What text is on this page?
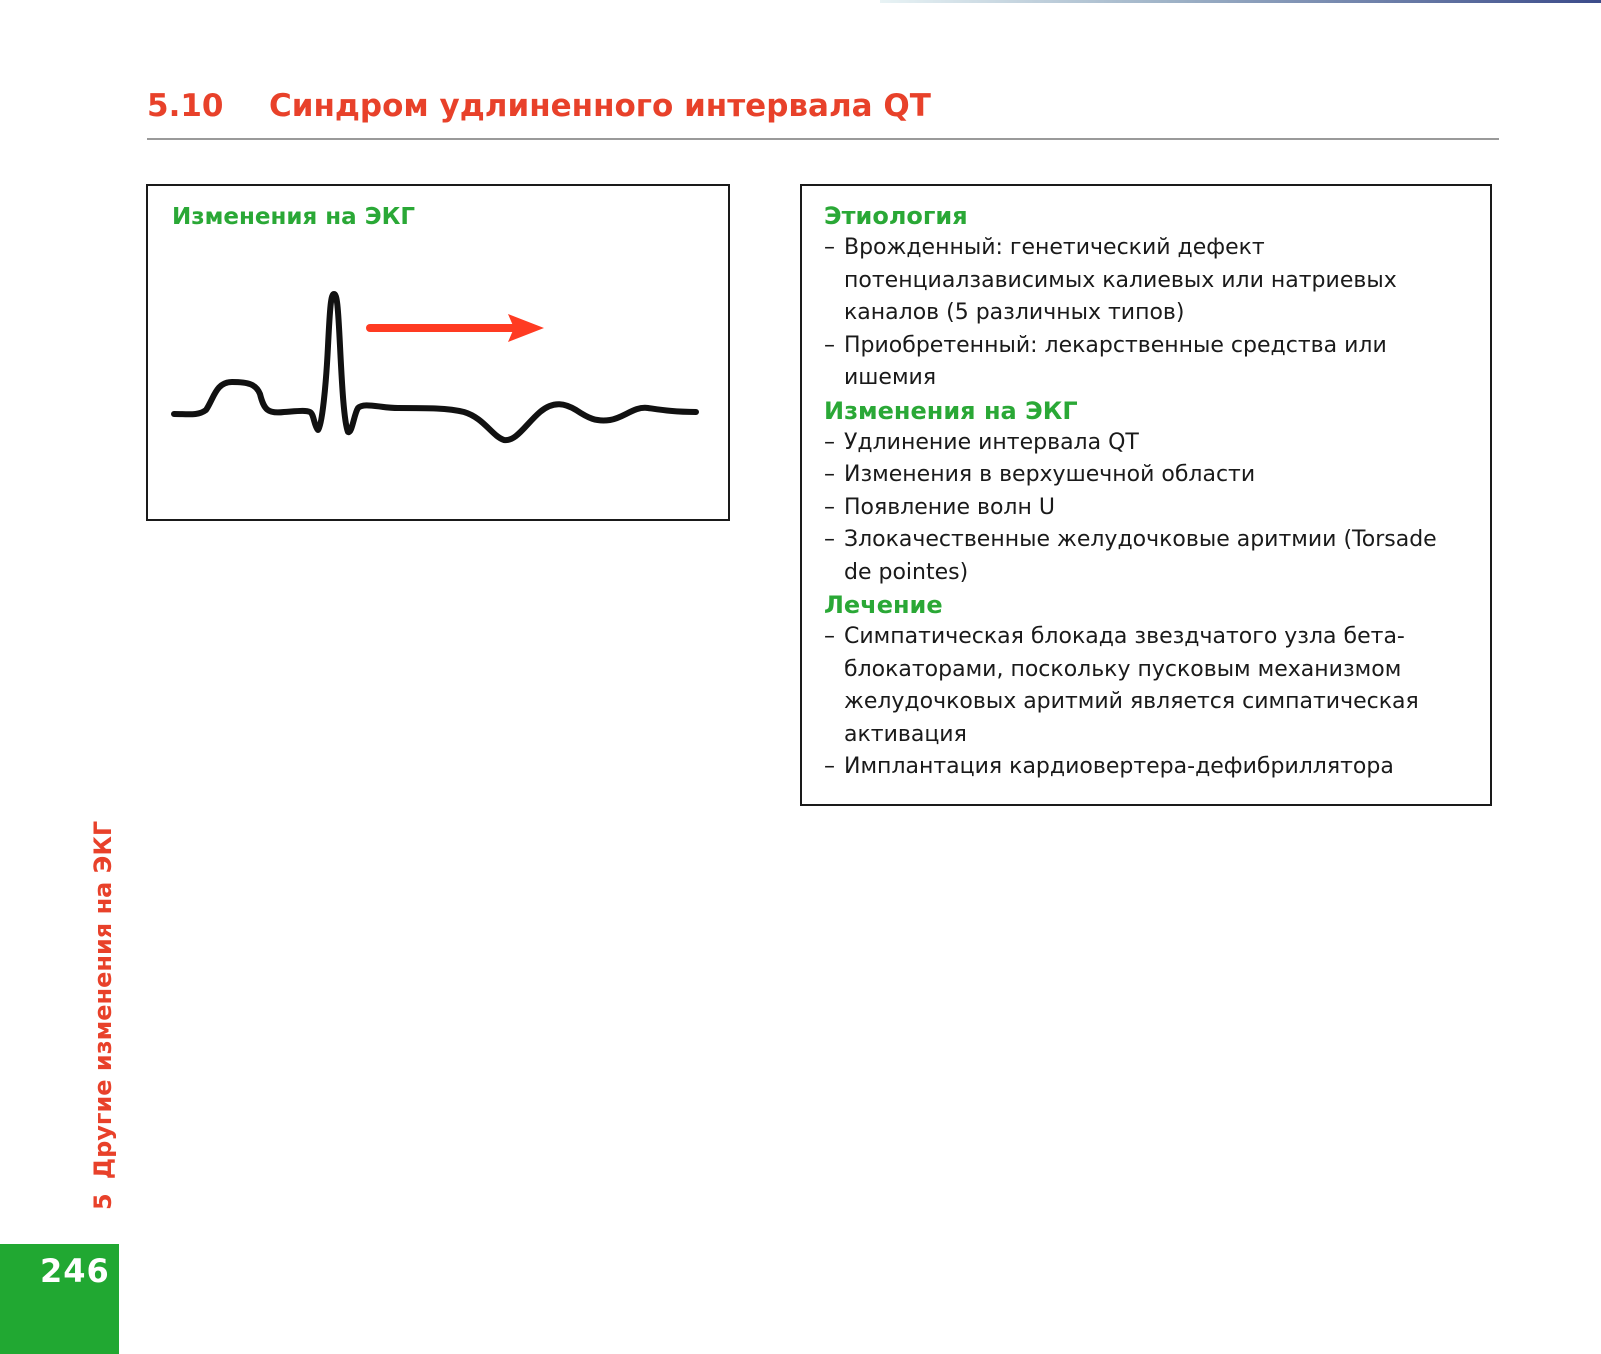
5.10 Синдром удлиненного интервала QT
Изменения на ЭКГ	Этиология
– Врожденный: генетический дефект потенциалзависимых калиевых или натриевых каналов (5 различных типов)
– Приобретенный: лекарственные средства или ишемия
Изменения на ЭКГ
– Удлинение интервала QT
– Изменения в верхушечной области
– Появление волн U
– Злокачественные желудочковые аритмии (Torsade de pointes)
Лечение
– Симпатическая блокада звездчатого узла бета-блокаторами, поскольку пусковым механизмом желудочковых аритмий является симпатическая активация
– Имплантация кардиовертера-дефибриллятора
5Другие изменения на ЭКГ
246
